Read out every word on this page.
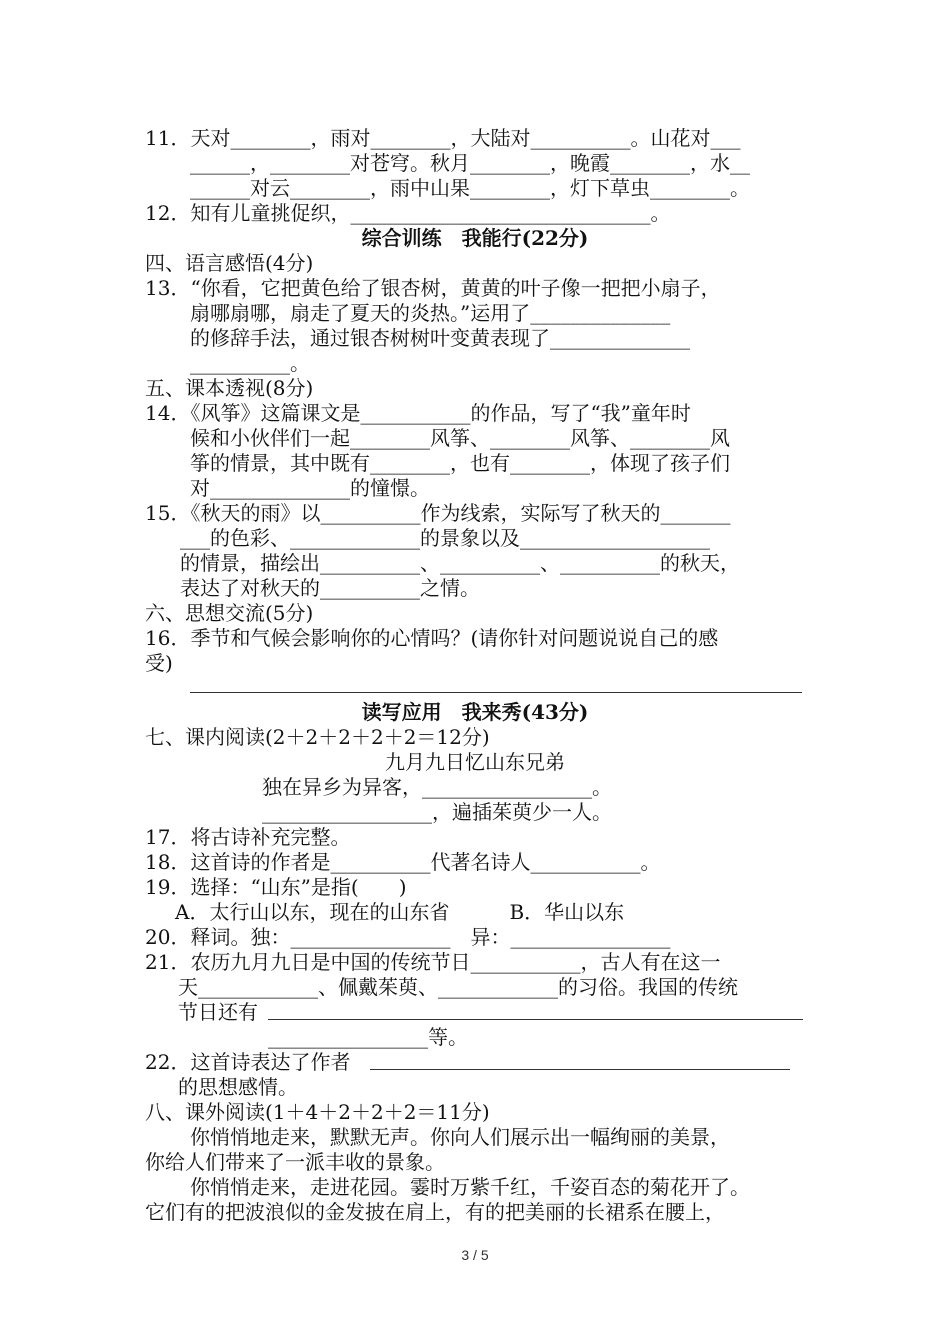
11．天对________，雨对________，大陆对__________。山花对___
______，________对苍穹。秋月________，晚霞________，水__
______对云________，雨中山果________，灯下草虫________。
12．知有儿童挑促织，______________________________。
综合训练　我能行(22分)
四、语言感悟(4分)
13．“你看，它把黄色给了银杏树，黄黄的叶子像一把把小扇子，
扇哪扇哪，扇走了夏天的炎热。”运用了______________
的修辞手法，通过银杏树树叶变黄表现了______________
__________。
五、课本透视(8分)
14．《风筝》这篇课文是___________的作品，写了“我”童年时
候和小伙伴们一起________风筝、________风筝、________风
筝的情景，其中既有________，也有________，体现了孩子们
对______________的憧憬。
15．《秋天的雨》以__________作为线索，实际写了秋天的_______
___的色彩、_____________的景象以及___________________
的情景，描绘出__________、__________、__________的秋天，
表达了对秋天的__________之情。
六、思想交流(5分)
16．季节和气候会影响你的心情吗？(请你针对问题说说自己的感
受)
读写应用　我来秀(43分)
七、课内阅读(2＋2＋2＋2＋2＝12分)
九月九日忆山东兄弟
独在异乡为异客，_________________。
_________________，遍插茱萸少一人。
17．将古诗补充完整。
18．这首诗的作者是__________代著名诗人___________。
19．选择：“山东”是指(　　)
A．太行山以东，现在的山东省　　　B．华山以东
20．释词。独：________________　异：________________
21．农历九月九日是中国的传统节日___________，古人有在这一
天____________、佩戴茱萸、____________的习俗。我国的传统
节日还有
________________等。
22．这首诗表达了作者
的思想感情。
八、课外阅读(1＋4＋2＋2＋2＝11分)
你悄悄地走来，默默无声。你向人们展示出一幅绚丽的美景，
你给人们带来了一派丰收的景象。
你悄悄走来，走进花园。霎时万紫千红，千姿百态的菊花开了。
它们有的把波浪似的金发披在肩上，有的把美丽的长裙系在腰上，
3 / 5
